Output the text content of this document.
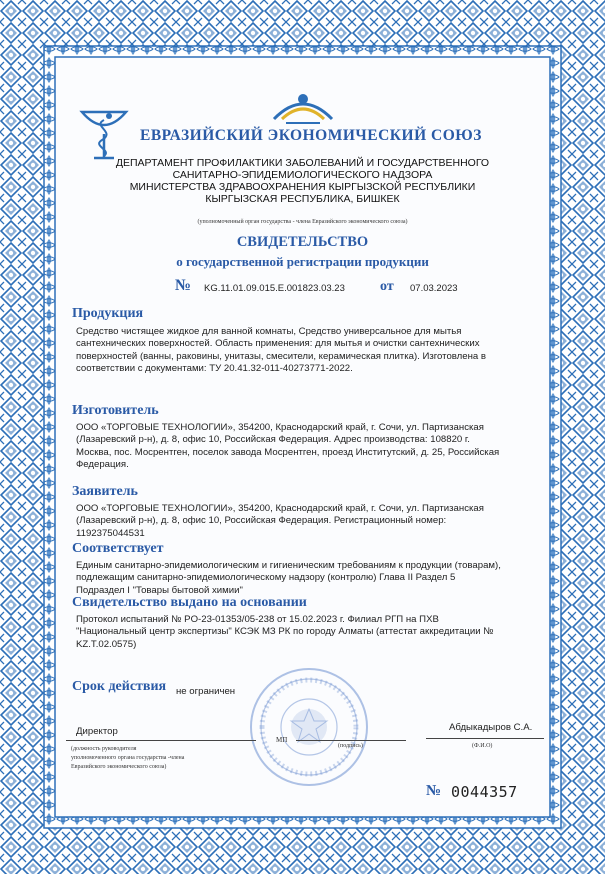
ЕВРАЗИЙСКИЙ ЭКОНОМИЧЕСКИЙ СОЮЗ
ДЕПАРТАМЕНТ ПРОФИЛАКТИКИ ЗАБОЛЕВАНИЙ И ГОСУДАРСТВЕННОГО
САНИТАРНО-ЭПИДЕМИОЛОГИЧЕСКОГО НАДЗОРА
МИНИСТЕРСТВА ЗДРАВООХРАНЕНИЯ КЫРГЫЗСКОЙ РЕСПУБЛИКИ
КЫРГЫЗСКАЯ РЕСПУБЛИКА, БИШКЕК
(уполномоченный орган государства - члена Евразийского экономического союза)
СВИДЕТЕЛЬСТВО
о государственной регистрации продукции
№ KG.11.01.09.015.E.001823.03.23	от 07.03.2023
Продукция
Средство чистящее жидкое для ванной комнаты, Средство универсальное для мытья
сантехнических поверхностей. Область применения: для мытья и очистки сантехнических
поверхностей (ванны, раковины, унитазы, смесители, керамическая плитка). Изготовлена в
соответствии с документами: ТУ 20.41.32-011-40273771-2022.
Изготовитель
ООО «ТОРГОВЫЕ ТЕХНОЛОГИИ», 354200, Краснодарский край, г. Сочи, ул. Партизанская
(Лазаревский р-н), д. 8, офис 10, Российская Федерация. Адрес производства: 108820 г.
Москва, пос. Мосрентген, поселок завода Мосрентген, проезд Институтский, д. 25, Российская
Федерация.
Заявитель
ООО «ТОРГОВЫЕ ТЕХНОЛОГИИ», 354200, Краснодарский край, г. Сочи, ул. Партизанская
(Лазаревский р-н), д. 8, офис 10, Российская Федерация. Регистрационный номер:
1192375044531
Соответствует
Единым санитарно-эпидемиологическим и гигиеническим требованиям к продукции (товарам),
подлежащим санитарно-эпидемиологическому надзору (контролю) Глава II Раздел 5
Подраздел I "Товары бытовой химии"
Свидетельство выдано на основании
Протокол испытаний № PO-23-01353/05-238 от 15.02.2023 г. Филиал РГП на ПХВ
"Национальный центр экспертизы" КСЭК МЗ РК по городу Алматы (аттестат аккредитации №
KZ.T.02.0575)
Срок действия не ограничен
Директор	Абдыкадыров С.А.
МП
(подпись)	(Ф.И.О)
(должность руководителя
уполномоченного органа государства -члена
Евразийского экономического союза)
№ 0044357
